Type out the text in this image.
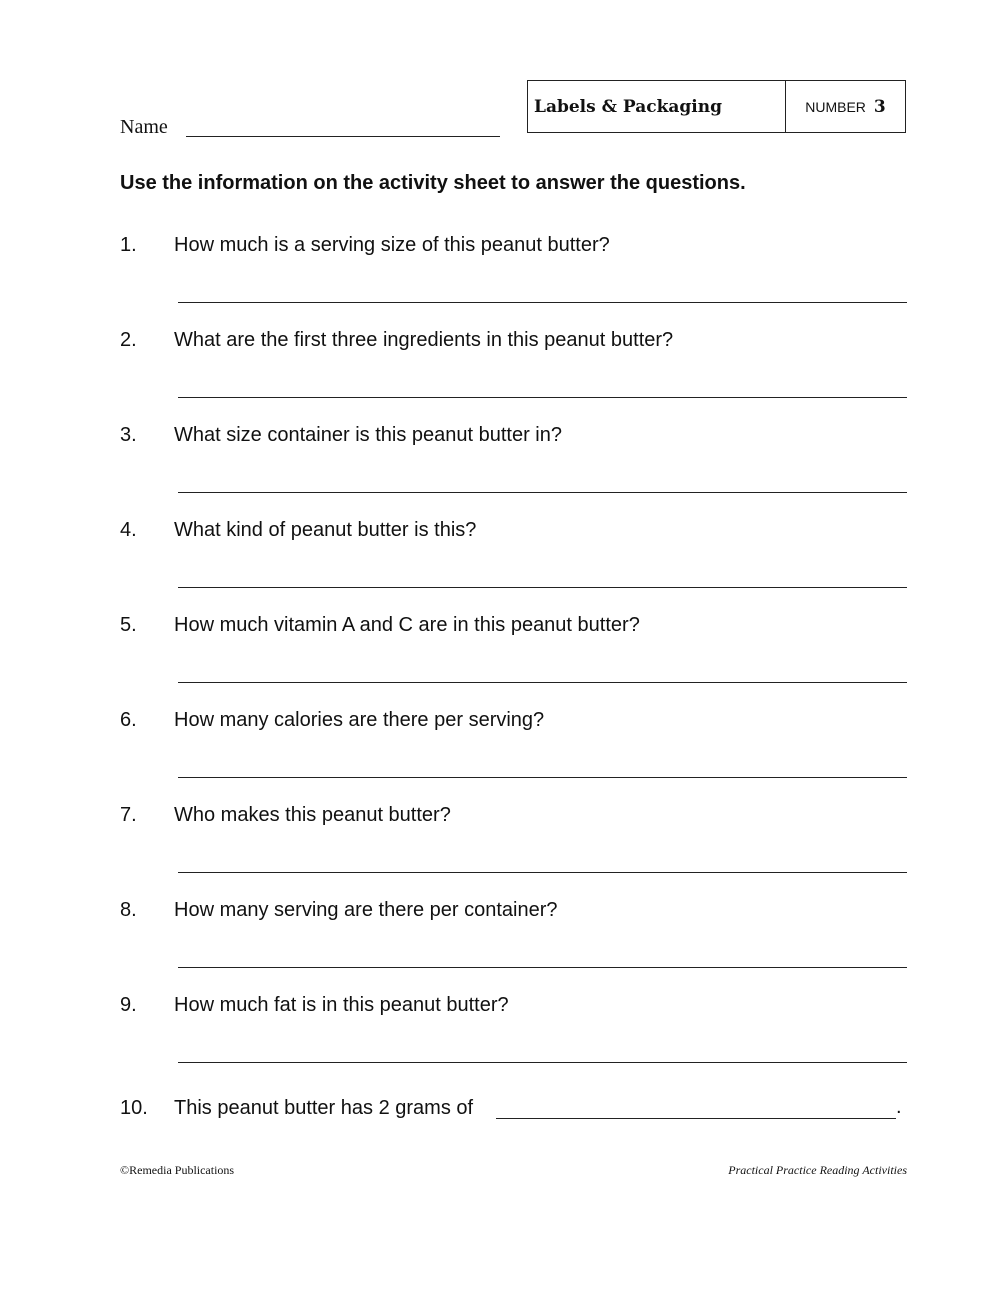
Name
Labels & Packaging	NUMBER 3
Use the information on the activity sheet to answer the questions.
1. How much is a serving size of this peanut butter?
2. What are the first three ingredients in this peanut butter?
3. What size container is this peanut butter in?
4. What kind of peanut butter is this?
5. How much vitamin A and C are in this peanut butter?
6. How many calories are there per serving?
7. Who makes this peanut butter?
8. How many serving are there per container?
9. How much fat is in this peanut butter?
10. This peanut butter has 2 grams of	.
©Remedia Publications	Practical Practice Reading Activities
